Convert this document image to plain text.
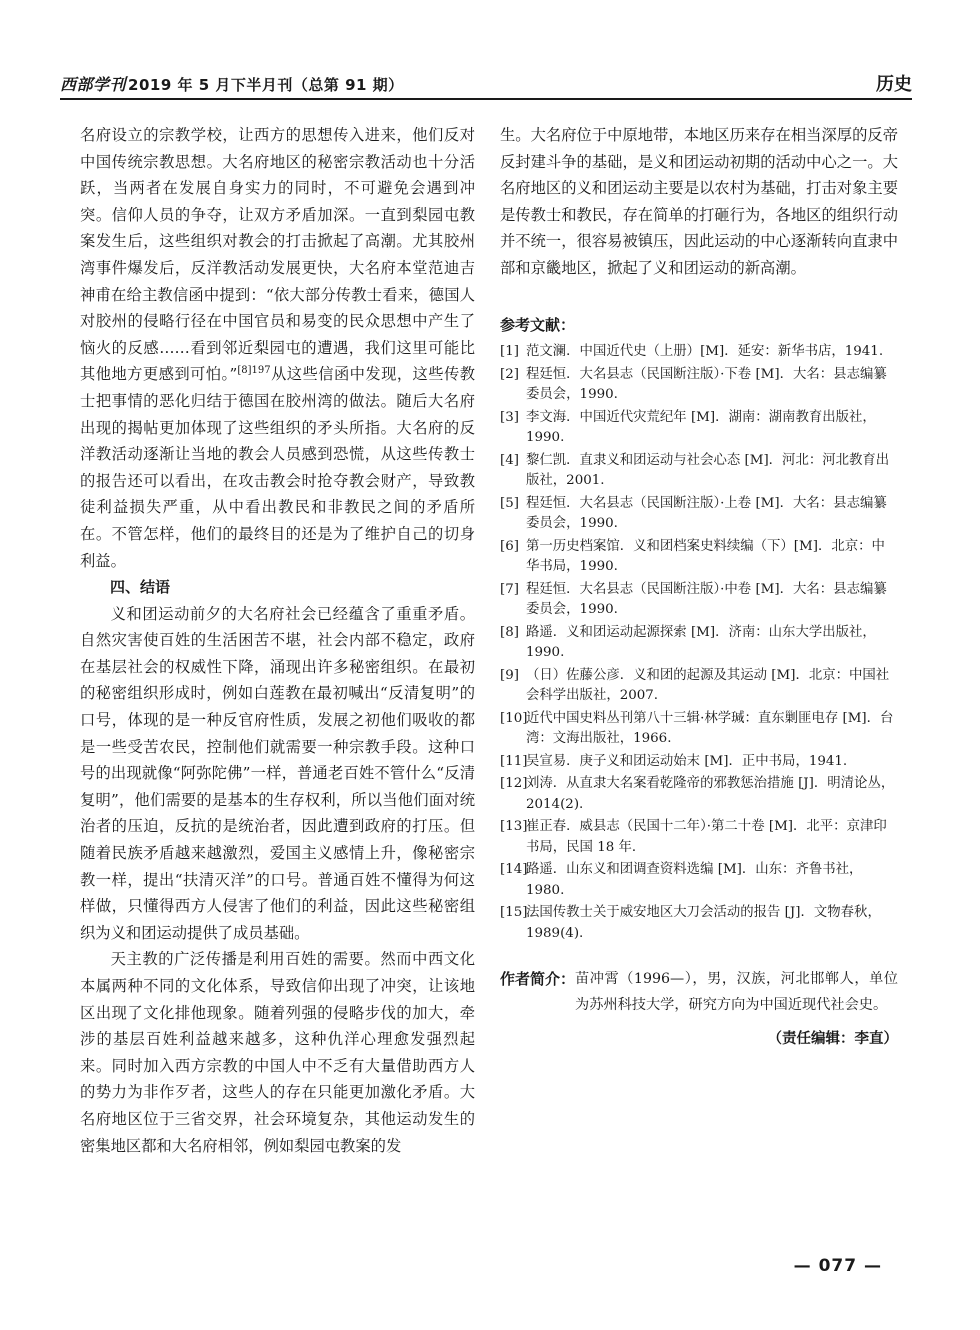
西部学刊 2019 年 5 月下半月刊（总第 91 期）	历史

名府设立的宗教学校，让西方的思想传入进来，他们反对中国传统宗教思想。大名府地区的秘密宗教活动也十分活跃，当两者在发展自身实力的同时，不可避免会遇到冲突。信仰人员的争夺，让双方矛盾加深。一直到梨园屯教案发生后，这些组织对教会的打击掀起了高潮。尤其胶州湾事件爆发后，反洋教活动发展更快，大名府本堂范迪吉神甫在给主教信函中提到：“依大部分传教士看来，德国人对胶州的侵略行径在中国官员和易变的民众思想中产生了恼火的反感……看到邻近梨园屯的遭遇，我们这里可能比其他地方更感到可怕。”$^{[8]197}$从这些信函中发现，这些传教士把事情的恶化归结于德国在胶州湾的做法。随后大名府出现的揭帖更加体现了这些组织的矛头所指。大名府的反洋教活动逐渐让当地的教会人员感到恐慌，从这些传教士的报告还可以看出，在攻击教会时抢夺教会财产，导致教徒利益损失严重，从中看出教民和非教民之间的矛盾所在。不管怎样，他们的最终目的还是为了维护自己的切身利益。

四、结语

义和团运动前夕的大名府社会已经蕴含了重重矛盾。自然灾害使百姓的生活困苦不堪，社会内部不稳定，政府在基层社会的权威性下降，涌现出许多秘密组织。在最初的秘密组织形成时，例如白莲教在最初喊出“反清复明”的口号，体现的是一种反官府性质，发展之初他们吸收的都是一些受苦农民，控制他们就需要一种宗教手段。这种口号的出现就像“阿弥陀佛”一样，普通老百姓不管什么“反清复明”，他们需要的是基本的生存权利，所以当他们面对统治者的压迫，反抗的是统治者，因此遭到政府的打压。但随着民族矛盾越来越激烈，爱国主义感情上升，像秘密宗教一样，提出“扶清灭洋”的口号。普通百姓不懂得为何这样做，只懂得西方人侵害了他们的利益，因此这些秘密组织为义和团运动提供了成员基础。

天主教的广泛传播是利用百姓的需要。然而中西文化本属两种不同的文化体系，导致信仰出现了冲突，让该地区出现了文化排他现象。随着列强的侵略步伐的加大，牵涉的基层百姓利益越来越多，这种仇洋心理愈发强烈起来。同时加入西方宗教的中国人中不乏有大量借助西方人的势力为非作歹者，这些人的存在只能更加激化矛盾。大名府地区位于三省交界，社会环境复杂，其他运动发生的密集地区都和大名府相邻，例如梨园屯教案的发

生。大名府位于中原地带，本地区历来存在相当深厚的反帝反封建斗争的基础，是义和团运动初期的活动中心之一。大名府地区的义和团运动主要是以农村为基础，打击对象主要是传教士和教民，存在简单的打砸行为，各地区的组织行动并不统一，很容易被镇压，因此运动的中心逐渐转向直隶中部和京畿地区，掀起了义和团运动的新高潮。

参考文献：
[1] 范文澜．中国近代史（上册）[M]．延安：新华书店，1941.
[2] 程廷恒．大名县志（民国断注版）·下卷 [M]．大名：县志编纂委员会，1990.
[3] 李文海．中国近代灾荒纪年 [M]．湖南：湖南教育出版社，1990.
[4] 黎仁凯．直隶义和团运动与社会心态 [M]．河北：河北教育出版社，2001.
[5] 程廷恒．大名县志（民国断注版）·上卷 [M]．大名：县志编纂委员会，1990.
[6] 第一历史档案馆．义和团档案史料续编（下）[M]．北京：中华书局，1990.
[7] 程廷恒．大名县志（民国断注版）·中卷 [M]．大名：县志编纂委员会，1990.
[8] 路遥．义和团运动起源探索 [M]．济南：山东大学出版社，1990.
[9] （日）佐藤公彦．义和团的起源及其运动 [M]．北京：中国社会科学出版社，2007.
[10]
近代中国史料丛刊第八十三辑·林学瑊：直东剿匪电存 [M]．台湾：文海出版社，1966.
[11]
吴宣易．庚子义和团运动始末 [M]．正中书局，1941.
[12]
刘涛．从直隶大名案看乾隆帝的邪教惩治措施 [J]．明清论丛，2014(2).
[13]
崔正春．威县志（民国十二年）·第二十卷 [M]．北平：京津印书局，民国 18 年．
[14]
路遥．山东义和团调查资料选编 [M]．山东：齐鲁书社，1980.
[15]
法国传教士关于威安地区大刀会活动的报告 [J]．文物春秋，1989(4).
作者简介： 苗冲霄（1996—），男，汉族，河北邯郸人，单位为苏州科技大学，研究方向为中国近现代社会史。
（责任编辑：李直）
— 077 —
